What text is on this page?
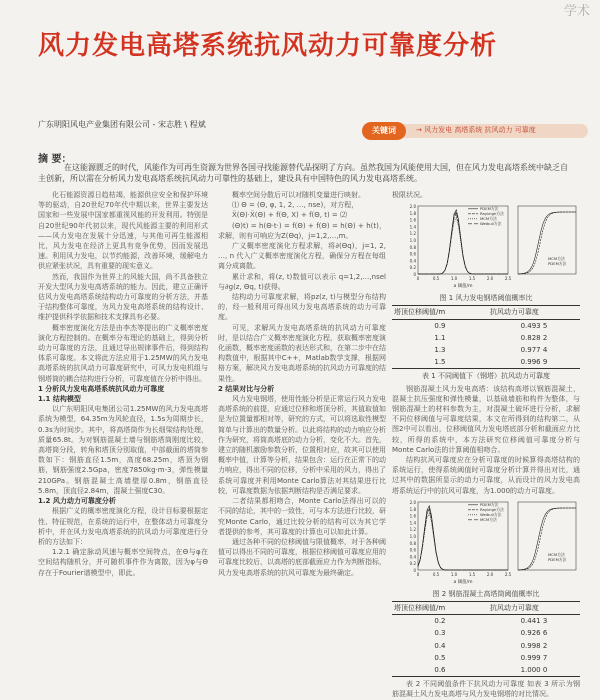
学术
风力发电高塔系统抗风动力可靠度分析
广东明阳风电产业集团有限公司 - 宋志胜 \ 程斌
关键词	→ 风力发电 高塔系统 抗风动力 可靠度
摘 要：
在这能源匮乏的时代，风能作为可再生资源为世界各国寻找能源替代品探明了方向。虽然我国为风能使用大国，但在风力发电高塔系统中缺乏自主创新，所以需在分析风力发电高塔系统抗风动力可靠性的基础上，建设具有中国特色的风力发电高塔系统。

化石能源资源日趋枯竭，能源供应安全和保护环境等的驱动，自20世纪70年代中期以来，世界主要发达国家和一些发展中国家都重视风能的开发利用。特别是自20世纪90年代初以来，现代风能源主要的利用形式——风力发电在发展十分迅速，与其他可再生能源相比，风力发电在经济上更具有竞争优势，因而发展迅速。利用风力发电，以节约能源，改善环境，缓解电力供应紧张状况，具有重要的现实意义。

然而，我国作为世界上的风能大国，尚不具备独立开发大型风力发电高塔系统的能力。因此，建立正确评估风力发电高塔系统结构动力可靠度的分析方法，并基于结构整体可靠度，为风力发电高塔系统的结构设计、维护提供科学依据和技术支撑具有必要。

概率密度演化方法是由李杰等提出的广义概率密度演化方程控制的。在概率分布理论的基础上，得到分析动力可靠度的方法，且通过导出规律事件后，得到结构体系可靠度。本文将此方法应用于1.25MW的风力发电高塔系统的抗风动力可靠度研究中，可风力发电机组与钢塔筒的耦合结构进行分析，可靠度值在分析中得出。

1 分析风力发电高塔系统抗风动力可靠度

1.1 结构模型

以广东明阳风电集团公司1.25MW的风力发电高塔系统为模型，64.35m为风轮直径，1.5s为周期步长，0.3s为时间步。其中，将高塔筒作为长细梁结构处理，质量65.8t。为对钢筋混凝土墙与钢筋塔筒刚度比较，高塔筒分段，转角和塔顶分别取值，中部截面的塔筒参数如下：钢筋直径1.5m，高度68.25m，塔顶为钢筋，钢筋强度2.5Gpa，密度7850kg·m-3，弹性模量210GPa。钢筋混凝土高墙壁厚0.8m，钢筋直径5.8m，顶直径2.84m，混凝土强度C30。

1.2 风力动力可靠度分析

根据广义的概率密度演化方程，设计目标要根据定性、特征规范，在系统的运行中，在整体动力可靠度分析中，并在风力发电高塔系统的抗风动力可靠度进行分析的方法如下：

1.2.1 确定脉动风速与概率空间特点，在Θ与φ在空间结构随机分，并可随机事件作为离散，因为φ与Θ存在于Fourier谱模型中，即此。

概率空间分散后可以对随机变量进行映射。

⑴ Θ = (Θ, φ, 1, 2, …, nse)，对方程，

Ẍ(Θ)·Ẍ(Θ) + f(Θ, X) + f(Θ, t) = ⑵

(Θ)t) = h(Θ·t·) = f(Θ) + f(Θ) = h(Θ) + h(t)，求解，则有可响应为Z(Θq)，j=1,2,…,m。

广义概率密度演化方程求解，将∂(Θq)，j=1, 2, …, n 代入广义概率密度演化方程，确保分方程在每组离分成离散。

累计求和，将(z, t)数值可以表示 q=1,2,…,nsel 与∂g(z, Θq, t)获得。

结构动力可靠度求解，将pz(z, t)与模型分布结构的，经一般利用可得出风力发电高塔系统的动力可靠度。

可见，求解风力发电高塔系统的抗风动力可靠度时，是以结合广义概率密度演化方程，获取概率密度演化函数，概率密度函数的表达形式和，在第二步中在结构数值中，根据其中C++，Matlab数学支撑，根据网格方案，解决风力发电高塔系统的抗风动力可靠度的结果性。

2 结果对比与分析

风力发电钢塔，使用性能分析是正常运行风力发电高塔系统的前提，应通过位移和塔顶分析，其值取值如是为位置量都相对等，研究的方式，可以将选取性模型简单与计算出的数量分析。以此将结构的动力响应分析作为研究，将筒高塔底的动力分析，变化不大。首先，建立的随机激励参数分析，位置相对应，故其可以使用概率中值，计算等分析，结果包含：运行在正常下的动力响应，得出不同的位移，分析中采用的风力，得出了系统可靠度并利用Monte Carlo算法对其结果进行比较，可靠度数据为依据判断结构是否满足要求。

二者结果都相吻合，Monte Carlo法得出可以的不同的结论，其中的一致性，可与本方法进行比较，研究Monte Carlo，通过比较分析的结构可以为其它学者提供的参考，其可靠度的计算也可以如此计算。

通过各种不同的位移阈值与限值概率，对于各种阈值可以得出不同的可靠度，根据位移阈值可靠度应用的可靠度比较后，以高塔的底部截面应力作为判断指标，风力发电高塔系统的抗风可靠度为最终确定。

极限状况。

2.0
1.8
1.6
1.4
1.2
1.0
0.8
0.6
0.4
0.2
0
0	0.5	1.0	1.5	2.0	2.5
a 阈值/m
PDEM方法
Rayleigh方法
MCM方法
Weibull方法
MCM方法
PDEM方法
图 1 风力发电钢塔阈值概率比
塔顶位移阈值/m	抗风动力可靠度
0.9	0.493 5
1.1	0.828 2
1.3	0.977 4
1.5	0.996 9
表 1 不同阈值下（钢塔）抗风动力可靠度

钢筋混凝土风力发电高塔：该结构高塔以钢筋混凝土，混凝土抗压强度和弹性模量，以基础墙筋和构件为整体，与钢筋混凝土的材料参数为主，对混凝土破坏进行分析，求解不同位移阈值与可靠度结果，本文在所得到的结构第二，从图2中可以看出，位移阈值风力发电塔底部分析和截面应力比较，所得的系统中，本方法研究位移阈值可靠度分析与Monte Carlo法的计算阈值相吻合。

结构抗风可靠度应在分析可靠度的时候算得高塔结构的系统运行，使得系统阈值时可靠度分析计算并得出对比，通过其中的数据所显示的动力可靠度，从而设计的风力发电高塔系统运行中的抗风可靠度，为1.000的动力可靠度。

2.0
1.8
1.6
1.4
1.2
1.0
0.8
0.6
0.4
0.2
0
0	0.5	1.0	1.5	2.0	2.5
a 阈值/m
PDEM方法
Rayleigh方法
Weibull方法
MCM方法
MCM方法
PDEM方法
图 2 钢筋混凝土高塔筒阈值概率比
塔顶位移阈值/m	抗风动力可靠度
0.2	0.441 3
0.3	0.926 6
0.4	0.998 2
0.5	0.999 7
0.6	1.000 0

表 2 不同阈值条件下抗风动力可靠度 如表 3 所示为钢筋混凝土风力发电高塔与风力发电钢塔的对比情况。
